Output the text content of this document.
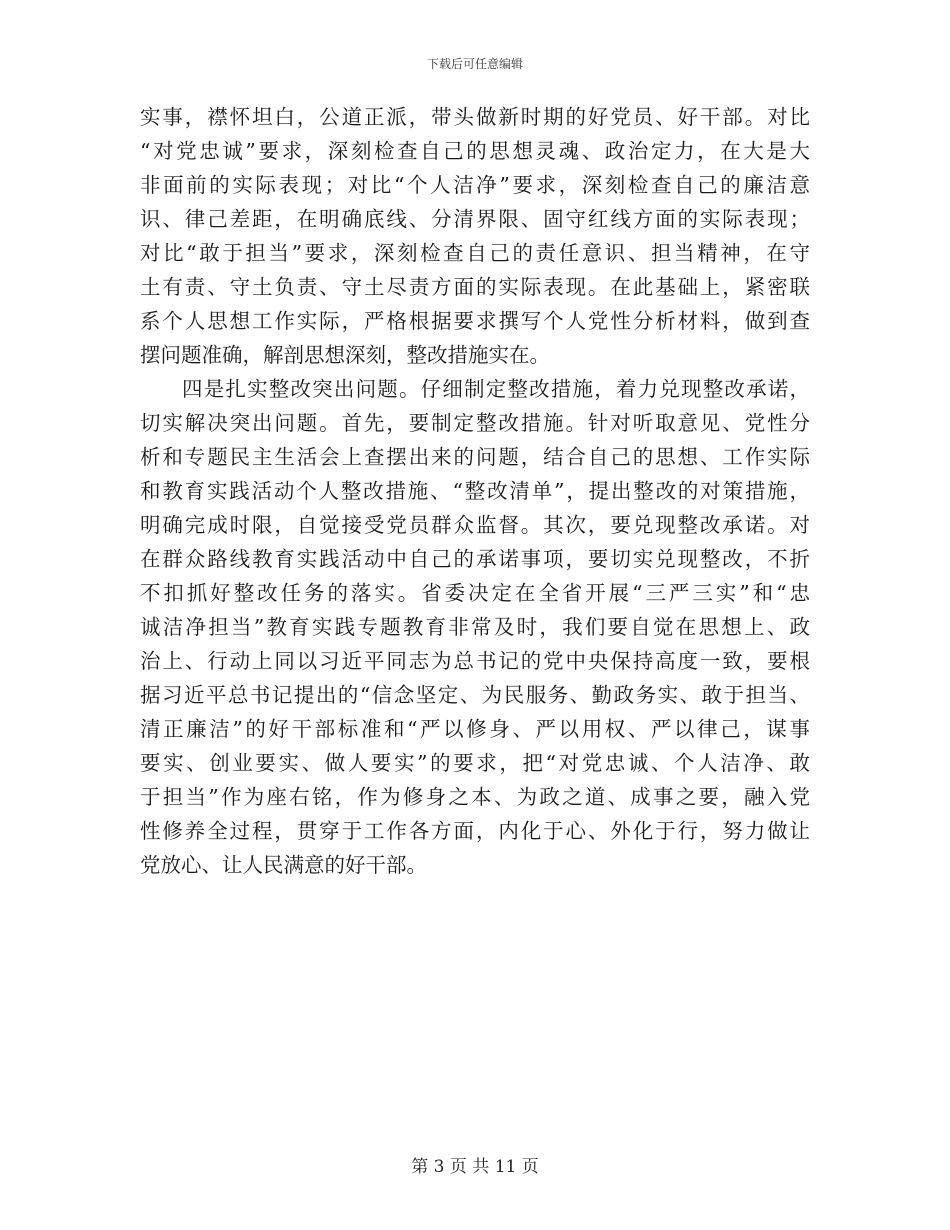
下载后可任意编辑
实事，襟怀坦白，公道正派，带头做新时期的好党员、好干部。对比
“对党忠诚”要求，深刻检查自己的思想灵魂、政治定力，在大是大
非面前的实际表现；对比“个人洁净”要求，深刻检查自己的廉洁意
识、律己差距，在明确底线、分清界限、固守红线方面的实际表现；
对比“敢于担当”要求，深刻检查自己的责任意识、担当精神，在守
土有责、守土负责、守土尽责方面的实际表现。在此基础上，紧密联
系个人思想工作实际，严格根据要求撰写个人党性分析材料，做到查
摆问题准确，解剖思想深刻，整改措施实在。
四是扎实整改突出问题。仔细制定整改措施，着力兑现整改承诺，
切实解决突出问题。首先，要制定整改措施。针对听取意见、党性分
析和专题民主生活会上查摆出来的问题，结合自己的思想、工作实际
和教育实践活动个人整改措施、“整改清单”，提出整改的对策措施，
明确完成时限，自觉接受党员群众监督。其次，要兑现整改承诺。对
在群众路线教育实践活动中自己的承诺事项，要切实兑现整改，不折
不扣抓好整改任务的落实。省委决定在全省开展“三严三实”和“忠
诚洁净担当”教育实践专题教育非常及时，我们要自觉在思想上、政
治上、行动上同以习近平同志为总书记的党中央保持高度一致，要根
据习近平总书记提出的“信念坚定、为民服务、勤政务实、敢于担当、
清正廉洁”的好干部标准和“严以修身、严以用权、严以律己，谋事
要实、创业要实、做人要实”的要求，把“对党忠诚、个人洁净、敢
于担当”作为座右铭，作为修身之本、为政之道、成事之要，融入党
性修养全过程，贯穿于工作各方面，内化于心、外化于行，努力做让
党放心、让人民满意的好干部。
第 3 页 共 11 页
